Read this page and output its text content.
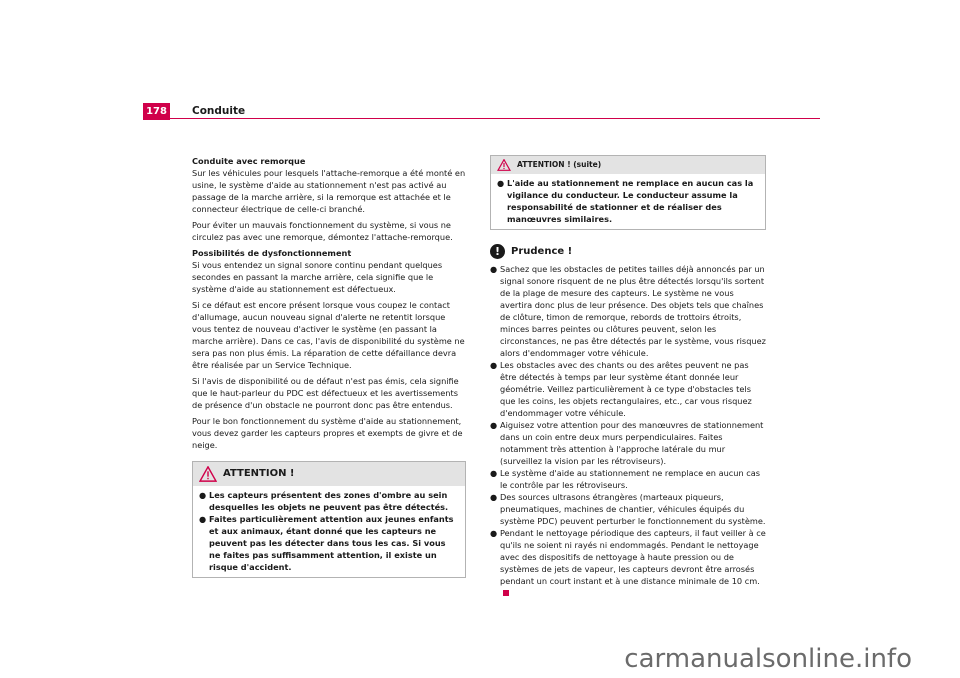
178 Conduite

Conduite avec remorque

Sur les véhicules pour lesquels l'attache-remorque a été monté en usine, le système d'aide au stationnement n'est pas activé au passage de la marche arrière, si la remorque est attachée et le connecteur électrique de celle-ci branché.

Pour éviter un mauvais fonctionnement du système, si vous ne circulez pas avec une remorque, démontez l'attache-remorque.

Possibilités de dysfonctionnement

Si vous entendez un signal sonore continu pendant quelques secondes en passant la marche arrière, cela signifie que le système d'aide au stationnement est défectueux.

Si ce défaut est encore présent lorsque vous coupez le contact d'allumage, aucun nouveau signal d'alerte ne retentit lorsque vous tentez de nouveau d'activer le système (en passant la marche arrière). Dans ce cas, l'avis de disponibilité du système ne sera pas non plus émis. La réparation de cette défaillance devra être réalisée par un Service Technique.

Si l'avis de disponibilité ou de défaut n'est pas émis, cela signifie que le haut-parleur du PDC est défectueux et les avertissements de présence d'un obstacle ne pourront donc pas être entendus.

Pour le bon fonctionnement du système d'aide au stationnement, vous devez garder les capteurs propres et exempts de givre et de neige.

ATTENTION !
● Les capteurs présentent des zones d'ombre au sein desquelles les objets ne peuvent pas être détectés.
● Faites particulièrement attention aux jeunes enfants et aux animaux, étant donné que les capteurs ne peuvent pas les détecter dans tous les cas. Si vous ne faites pas suffisamment attention, il existe un risque d'accident.
ATTENTION ! (suite)
● L'aide au stationnement ne remplace en aucun cas la vigilance du conducteur. Le conducteur assume la responsabilité de stationner et de réaliser des manœuvres similaires.
!	Prudence !
● Sachez que les obstacles de petites tailles déjà annoncés par un signal sonore risquent de ne plus être détectés lorsqu'ils sortent de la plage de mesure des capteurs. Le système ne vous avertira donc plus de leur présence. Des objets tels que chaînes de clôture, timon de remorque, rebords de trottoirs étroits, minces barres peintes ou clôtures peuvent, selon les circonstances, ne pas être détectés par le système, vous risquez alors d'endommager votre véhicule.
● Les obstacles avec des chants ou des arêtes peuvent ne pas être détectés à temps par leur système étant donnée leur géométrie. Veillez particulièrement à ce type d'obstacles tels que les coins, les objets rectangulaires, etc., car vous risquez d'endommager votre véhicule.
● Aiguisez votre attention pour des manœuvres de stationnement dans un coin entre deux murs perpendiculaires. Faites notamment très attention à l'approche latérale du mur (surveillez la vision par les rétroviseurs).
● Le système d'aide au stationnement ne remplace en aucun cas le contrôle par les rétroviseurs.
● Des sources ultrasons étrangères (marteaux piqueurs, pneumatiques, machines de chantier, véhicules équipés du système PDC) peuvent perturber le fonctionnement du système.
● Pendant le nettoyage périodique des capteurs, il faut veiller à ce qu'ils ne soient ni rayés ni endommagés. Pendant le nettoyage avec des dispositifs de nettoyage à haute pression ou de systèmes de jets de vapeur, les capteurs devront être arrosés pendant un court instant et à une distance minimale de 10 cm.
carmanualsonline.info
